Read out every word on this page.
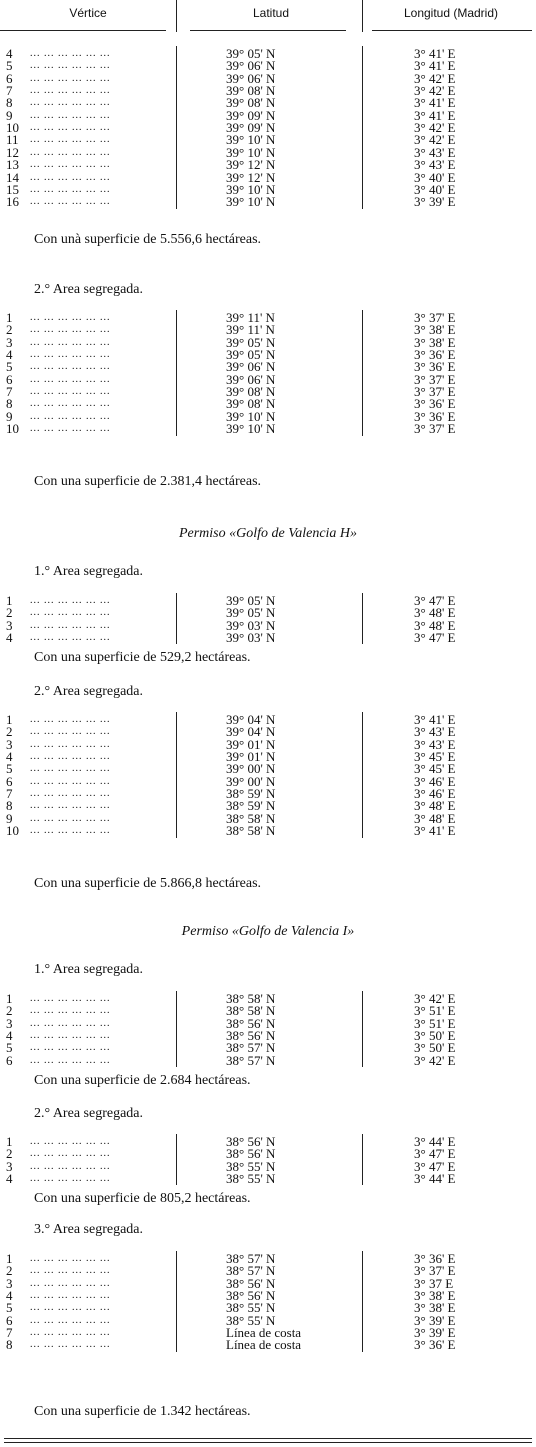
Vértice	Latitud	Longitud (Madrid)
4	... ... ... ... ... ...	39° 05' N	3° 41' E
5	... ... ... ... ... ...	39° 06' N	3° 41' E
6	... ... ... ... ... ...	39° 06' N	3° 42' E
7	... ... ... ... ... ...	39° 08' N	3° 42' E
8	... ... ... ... ... ...	39° 08' N	3° 41' E
9	... ... ... ... ... ...	39° 09' N	3° 41' E
10	... ... ... ... ... ...	39° 09' N	3° 42' E
11	... ... ... ... ... ...	39° 10' N	3° 42' E
12	... ... ... ... ... ...	39° 10' N	3° 43' E
13	... ... ... ... ... ...	39° 12' N	3° 43' E
14	... ... ... ... ... ...	39° 12' N	3° 40' E
15	... ... ... ... ... ...	39° 10' N	3° 40' E
16	... ... ... ... ... ...	39° 10' N	3° 39' E
Con unà superficie de 5.556,6 hectáreas.
2.° Area segregada.
1	... ... ... ... ... ...	39° 11' N	3° 37' E
2	... ... ... ... ... ...	39° 11' N	3° 38' E
3	... ... ... ... ... ...	39° 05' N	3° 38' E
4	... ... ... ... ... ...	39° 05' N	3° 36' E
5	... ... ... ... ... ...	39° 06' N	3° 36' E
6	... ... ... ... ... ...	39° 06' N	3° 37' E
7	... ... ... ... ... ...	39° 08' N	3° 37' E
8	... ... ... ... ... ...	39° 08' N	3° 36' E
9	... ... ... ... ... ...	39° 10' N	3° 36' E
10	... ... ... ... ... ...	39° 10' N	3° 37' E
Con una superficie de 2.381,4 hectáreas.
Permiso «Golfo de Valencia H»
1.° Area segregada.
1	... ... ... ... ... ...	39° 05' N	3° 47' E
2	... ... ... ... ... ...	39° 05' N	3° 48' E
3	... ... ... ... ... ...	39° 03' N	3° 48' E
4	... ... ... ... ... ...	39° 03' N	3° 47' E
Con una superficie de 529,2 hectáreas.
2.° Area segregada.
1	... ... ... ... ... ...	39° 04' N	3° 41' E
2	... ... ... ... ... ...	39° 04' N	3° 43' E
3	... ... ... ... ... ...	39° 01' N	3° 43' E
4	... ... ... ... ... ...	39° 01' N	3° 45' E
5	... ... ... ... ... ...	39° 00' N	3° 45' E
6	... ... ... ... ... ...	39° 00' N	3° 46' E
7	... ... ... ... ... ...	38° 59' N	3° 46' E
8	... ... ... ... ... ...	38° 59' N	3° 48' E
9	... ... ... ... ... ...	38° 58' N	3° 48' E
10	... ... ... ... ... ...	38° 58' N	3° 41' E
Con una superficie de 5.866,8 hectáreas.
Permiso «Golfo de Valencia I»
1.° Area segregada.
1	... ... ... ... ... ...	38° 58' N	3° 42' E
2	... ... ... ... ... ...	38° 58' N	3° 51' E
3	... ... ... ... ... ...	38° 56' N	3° 51' E
4	... ... ... ... ... ...	38° 56' N	3° 50' E
5	... ... ... ... ... ...	38° 57' N	3° 50' E
6	... ... ... ... ... ...	38° 57' N	3° 42' E
Con una superficie de 2.684 hectáreas.
2.° Area segregada.
1	... ... ... ... ... ...	38° 56' N	3° 44' E
2	... ... ... ... ... ...	38° 56' N	3° 47' E
3	... ... ... ... ... ...	38° 55' N	3° 47' E
4	... ... ... ... ... ...	38° 55' N	3° 44' E
Con una superficie de 805,2 hectáreas.
3.° Area segregada.
1	... ... ... ... ... ...	38° 57' N	3° 36' E
2	... ... ... ... ... ...	38° 57' N	3° 37' E
3	... ... ... ... ... ...	38° 56' N	3° 37 E
4	... ... ... ... ... ...	38° 56' N	3° 38' E
5	... ... ... ... ... ...	38° 55' N	3° 38' E
6	... ... ... ... ... ...	38° 55' N	3° 39' E
7	... ... ... ... ... ...	Línea de costa	3° 39' E
8	... ... ... ... ... ...	Línea de costa	3° 36' E
Con una superficie de 1.342 hectáreas.
